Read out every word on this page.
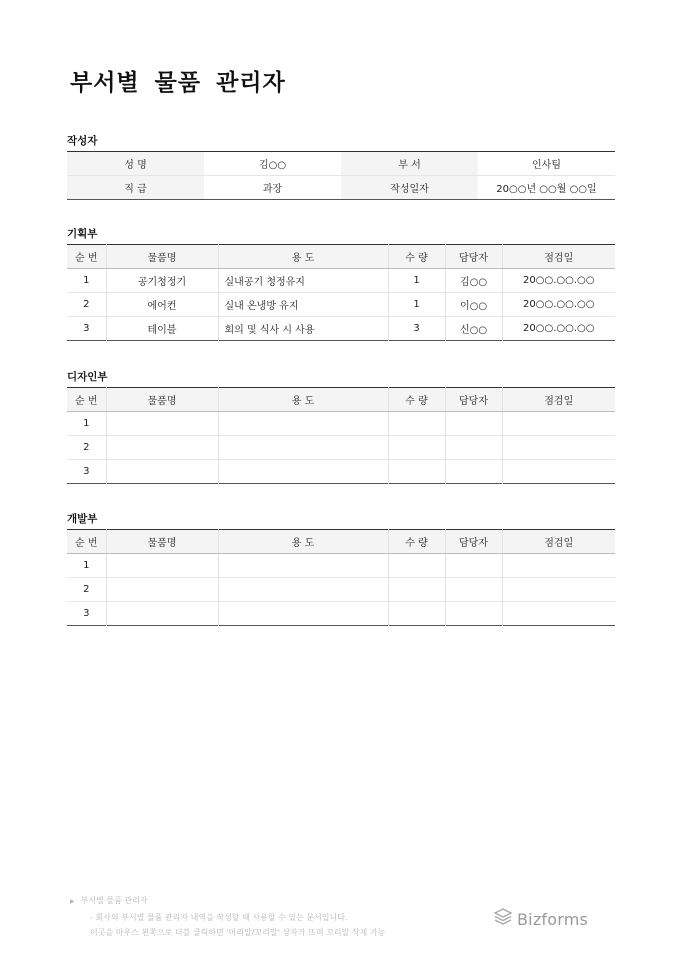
부서별 물품 관리자
작성자
성 명	김○○	부 서	인사팀
직 급	과장	작성일자	20○○년 ○○월 ○○일
기획부
순 번	물품명	용 도	수 량	담당자	점검일
1	공기청정기	실내공기 청정유지	1	김○○	20○○.○○.○○
2	에어컨	실내 온냉방 유지	1	이○○	20○○.○○.○○
3	테이블	회의 및 식사 시 사용	3	신○○	20○○.○○.○○
디자인부
순 번	물품명	용 도	수 량	담당자	점검일
1					
2					
3					
개발부
순 번	물품명	용 도	수 량	담당자	점검일
1					
2					
3					
▶ 부서별 물품 관리자
- 회사의 부서별 물품 관리자 내역을 작성할 때 사용할 수 있는 문서입니다.
이곳을 마우스 왼쪽으로 더블 클릭하면 '머리말/꼬리말' 상자가 뜨며 꼬리말 삭제 가능
Bizforms
